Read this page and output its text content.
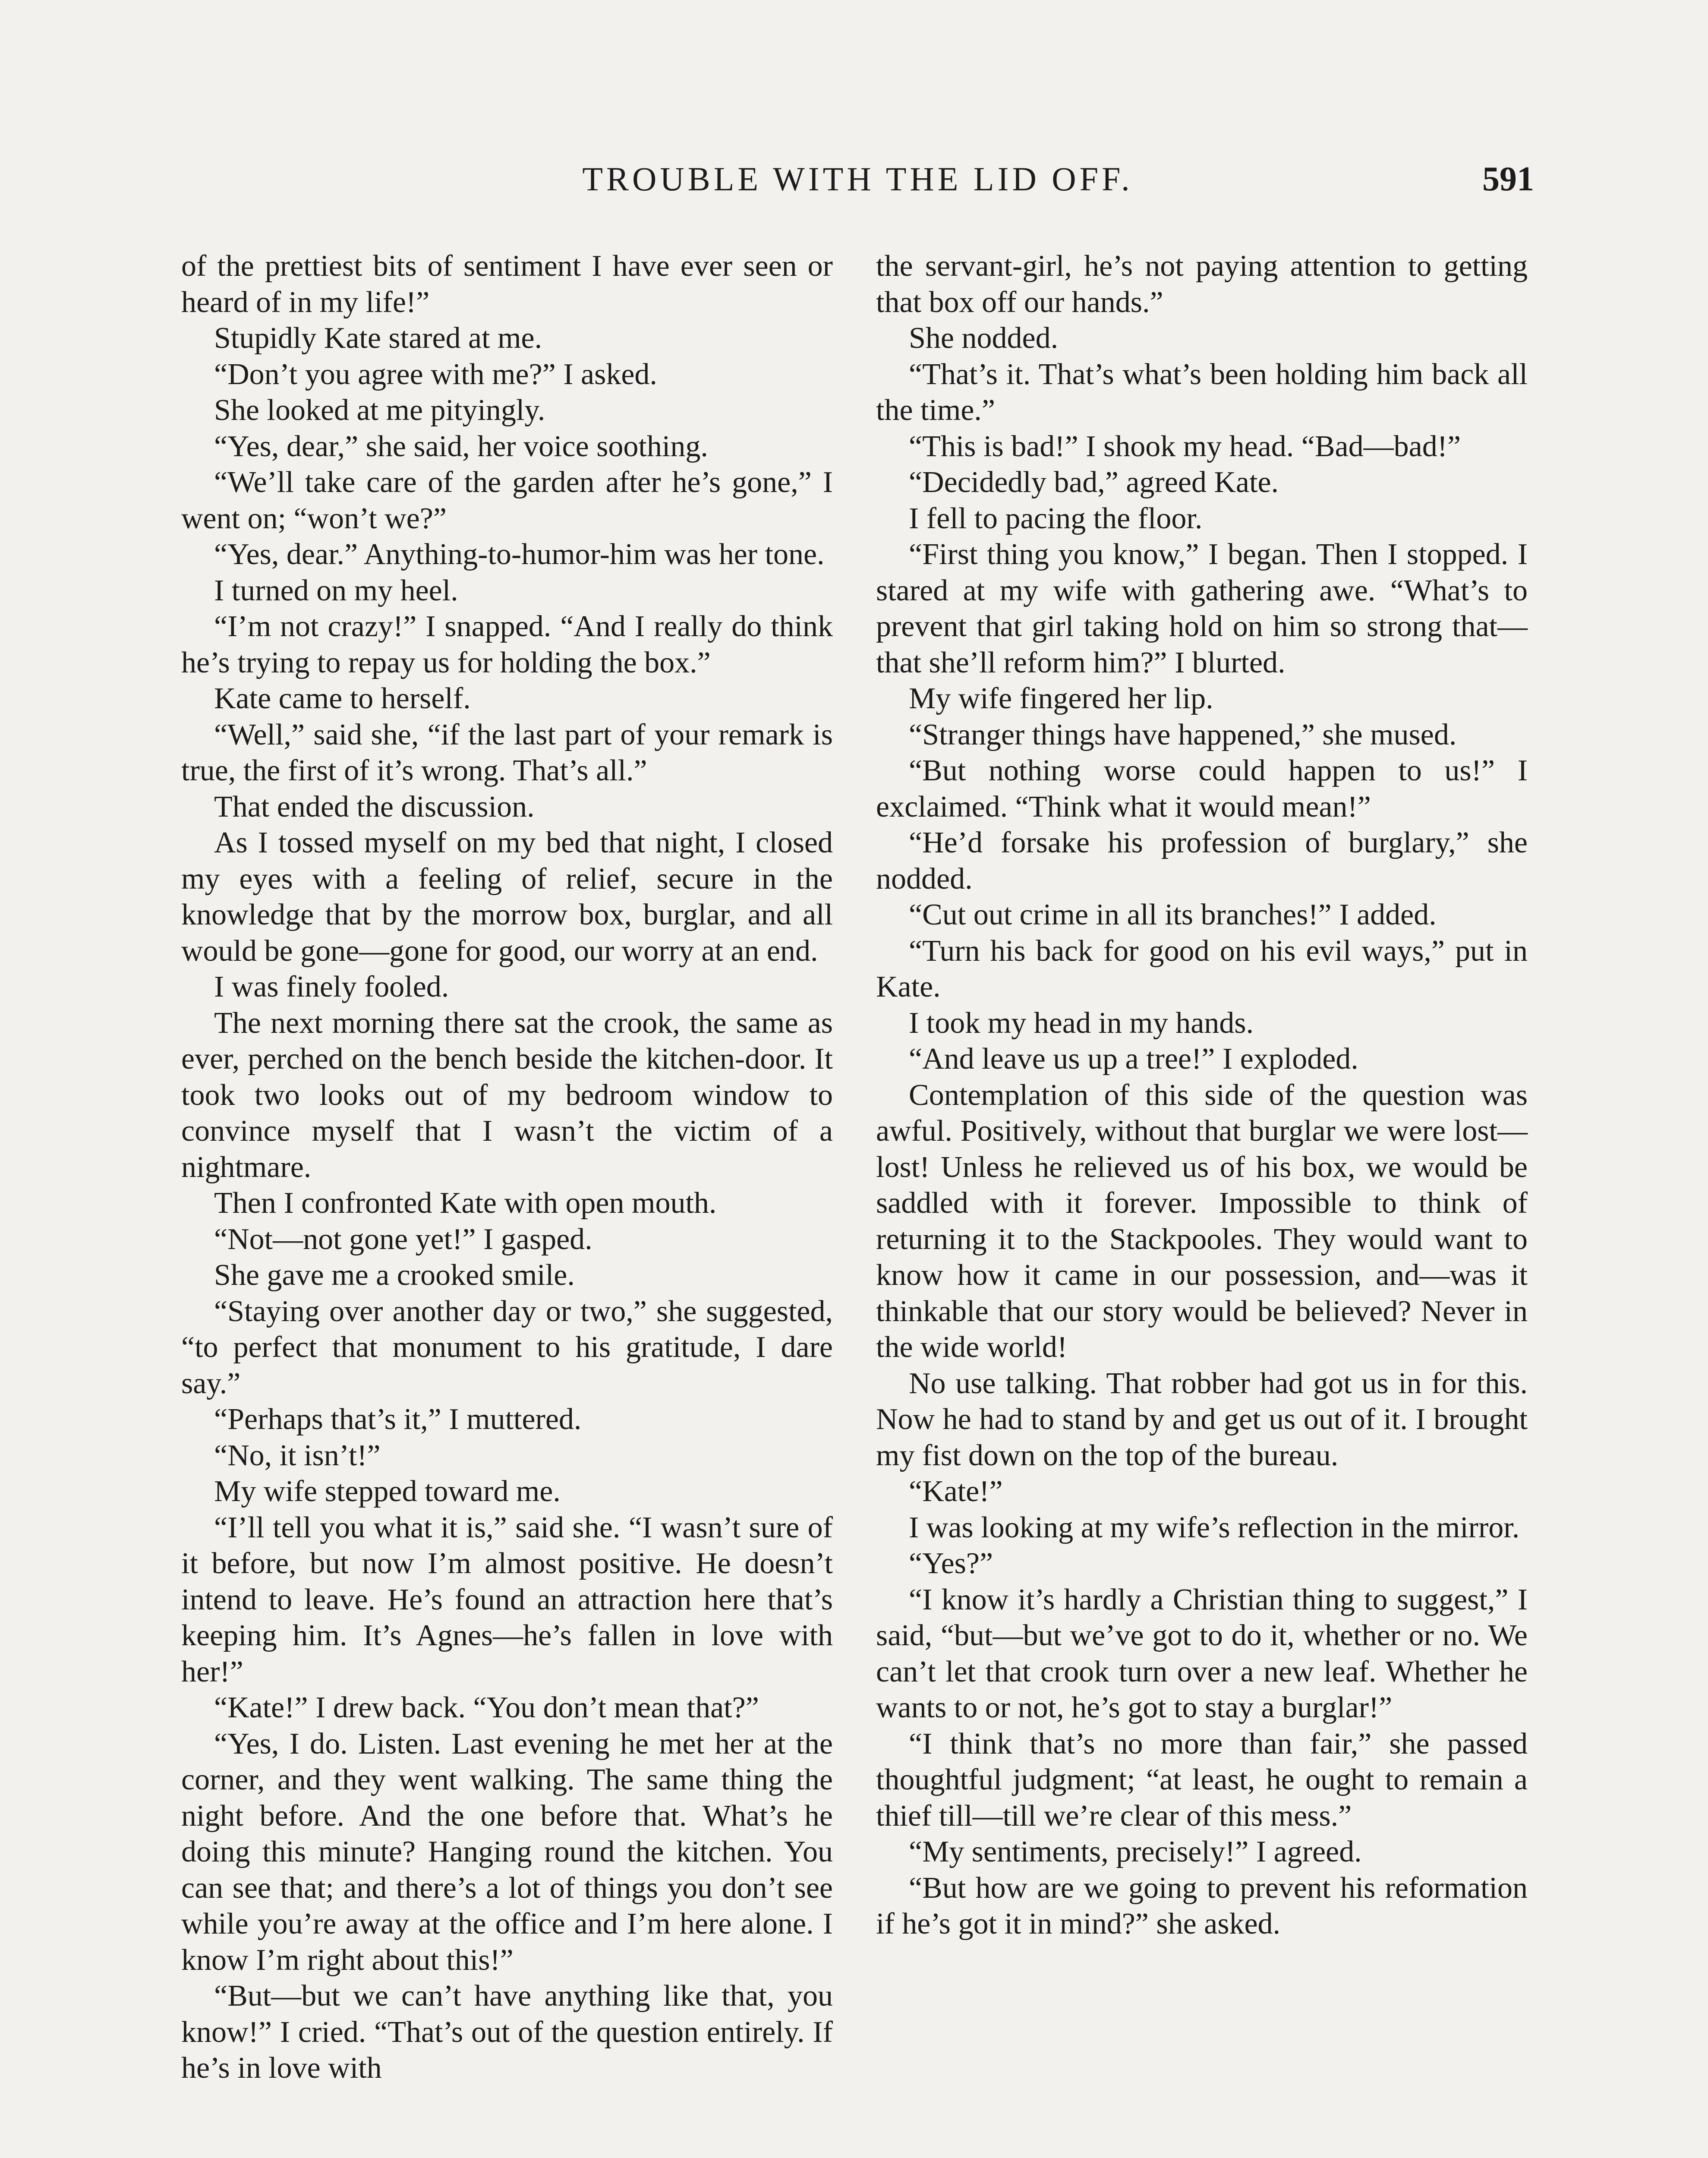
TROUBLE WITH THE LID OFF.	591

of the prettiest bits of sentiment I have ever seen or heard of in my life!”

Stupidly Kate stared at me.

“Don’t you agree with me?” I asked.

She looked at me pityingly.

“Yes, dear,” she said, her voice soothing.

“We’ll take care of the garden after he’s gone,” I went on; “won’t we?”

“Yes, dear.” Anything-to-humor-him was her tone.

I turned on my heel.

“I’m not crazy!” I snapped. “And I really do think he’s trying to repay us for holding the box.”

Kate came to herself.

“Well,” said she, “if the last part of your remark is true, the first of it’s wrong. That’s all.”

That ended the discussion.

As I tossed myself on my bed that night, I closed my eyes with a feeling of relief, secure in the knowledge that by the morrow box, burglar, and all would be gone—gone for good, our worry at an end.

I was finely fooled.

The next morning there sat the crook, the same as ever, perched on the bench beside the kitchen-door. It took two looks out of my bedroom window to convince myself that I wasn’t the victim of a nightmare.

Then I confronted Kate with open mouth.

“Not—not gone yet!” I gasped.

She gave me a crooked smile.

“Staying over another day or two,” she suggested, “to perfect that monument to his gratitude, I dare say.”

“Perhaps that’s it,” I muttered.

“No, it isn’t!”

My wife stepped toward me.

“I’ll tell you what it is,” said she. “I wasn’t sure of it before, but now I’m almost positive. He doesn’t intend to leave. He’s found an attraction here that’s keeping him. It’s Agnes—he’s fallen in love with her!”

“Kate!” I drew back. “You don’t mean that?”

“Yes, I do. Listen. Last evening he met her at the corner, and they went walking. The same thing the night before. And the one before that. What’s he doing this minute? Hanging round the kitchen. You can see that; and there’s a lot of things you don’t see while you’re away at the office and I’m here alone. I know I’m right about this!”

“But—but we can’t have anything like that, you know!” I cried. “That’s out of the question entirely. If he’s in love with

the servant-girl, he’s not paying attention to getting that box off our hands.”

She nodded.

“That’s it. That’s what’s been holding him back all the time.”

“This is bad!” I shook my head. “Bad—bad!”

“Decidedly bad,” agreed Kate.

I fell to pacing the floor.

“First thing you know,” I began. Then I stopped. I stared at my wife with gathering awe. “What’s to prevent that girl taking hold on him so strong that—that she’ll reform him?” I blurted.

My wife fingered her lip.

“Stranger things have happened,” she mused.

“But nothing worse could happen to us!” I exclaimed. “Think what it would mean!”

“He’d forsake his profession of burglary,” she nodded.

“Cut out crime in all its branches!” I added.

“Turn his back for good on his evil ways,” put in Kate.

I took my head in my hands.

“And leave us up a tree!” I exploded.

Contemplation of this side of the question was awful. Positively, without that burglar we were lost—lost! Unless he relieved us of his box, we would be saddled with it forever. Impossible to think of returning it to the Stackpooles. They would want to know how it came in our possession, and—was it thinkable that our story would be believed? Never in the wide world!

No use talking. That robber had got us in for this. Now he had to stand by and get us out of it. I brought my fist down on the top of the bureau.

“Kate!”

I was looking at my wife’s reflection in the mirror.

“Yes?”

“I know it’s hardly a Christian thing to suggest,” I said, “but—but we’ve got to do it, whether or no. We can’t let that crook turn over a new leaf. Whether he wants to or not, he’s got to stay a burglar!”

“I think that’s no more than fair,” she passed thoughtful judgment; “at least, he ought to remain a thief till—till we’re clear of this mess.”

“My sentiments, precisely!” I agreed.

“But how are we going to prevent his reformation if he’s got it in mind?” she asked.
